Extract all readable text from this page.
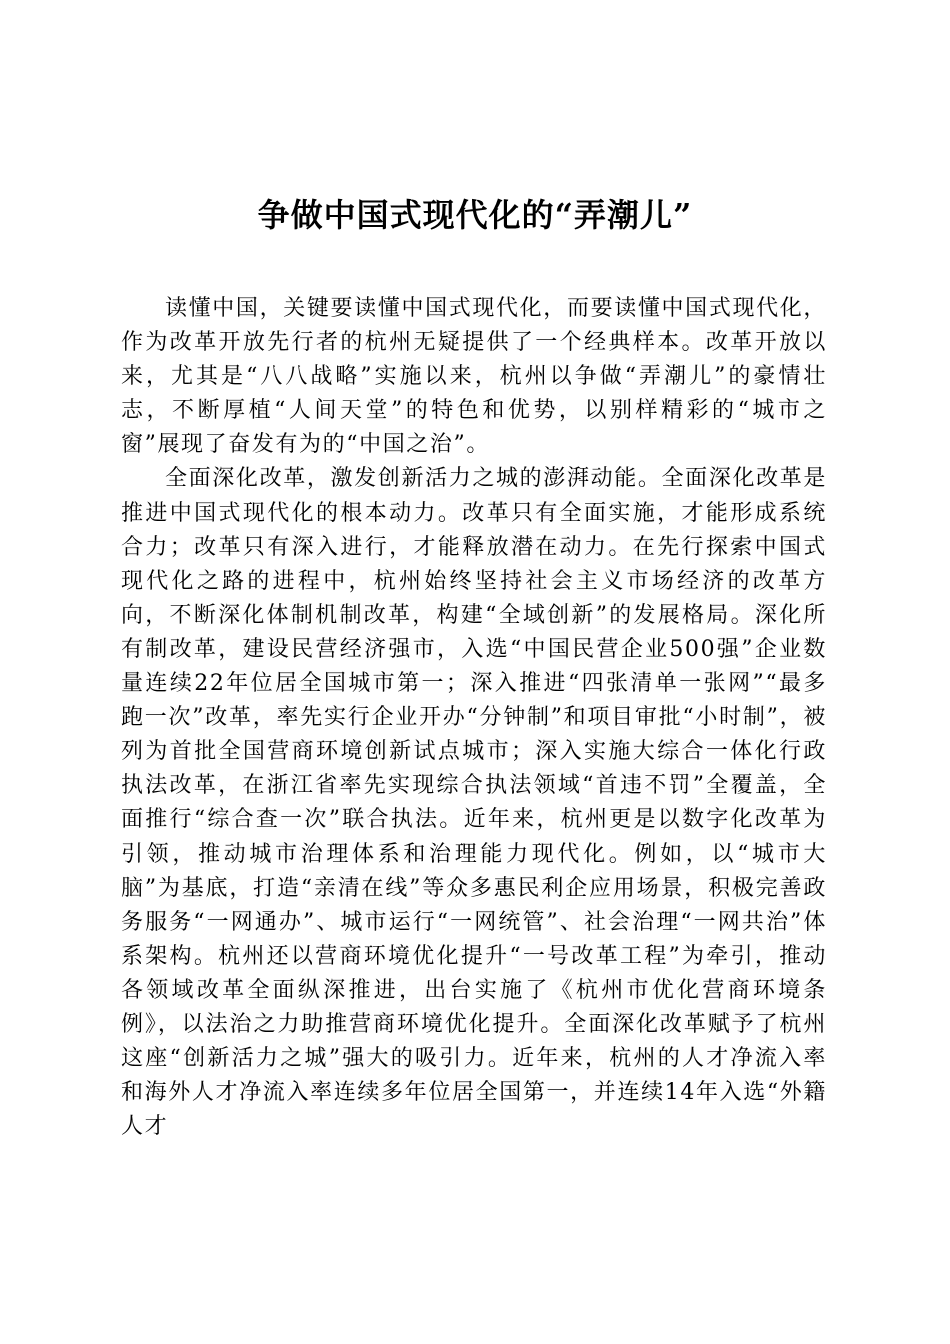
争做中国式现代化的“弄潮儿”

读懂中国，关键要读懂中国式现代化，而要读懂中国式现代化，作为改革开放先行者的杭州无疑提供了一个经典样本。改革开放以来，尤其是“八八战略”实施以来，杭州以争做“弄潮儿”的豪情壮志，不断厚植“人间天堂”的特色和优势，以别样精彩的“城市之窗”展现了奋发有为的“中国之治”。

全面深化改革，激发创新活力之城的澎湃动能。全面深化改革是推进中国式现代化的根本动力。改革只有全面实施，才能形成系统合力；改革只有深入进行，才能释放潜在动力。在先行探索中国式现代化之路的进程中，杭州始终坚持社会主义市场经济的改革方向，不断深化体制机制改革，构建“全域创新”的发展格局。深化所有制改革，建设民营经济强市，入选“中国民营企业500强”企业数量连续22年位居全国城市第一；深入推进“四张清单一张网”“最多跑一次”改革，率先实行企业开办“分钟制”和项目审批“小时制”，被列为首批全国营商环境创新试点城市；深入实施大综合一体化行政执法改革，在浙江省率先实现综合执法领域“首违不罚”全覆盖，全面推行“综合查一次”联合执法。近年来，杭州更是以数字化改革为引领，推动城市治理体系和治理能力现代化。例如，以“城市大脑”为基底，打造“亲清在线”等众多惠民利企应用场景，积极完善政务服务“一网通办”、城市运行“一网统管”、社会治理“一网共治”体系架构。杭州还以营商环境优化提升“一号改革工程”为牵引，推动各领域改革全面纵深推进，出台实施了《杭州市优化营商环境条例》，以法治之力助推营商环境优化提升。全面深化改革赋予了杭州这座“创新活力之城”强大的吸引力。近年来，杭州的人才净流入率和海外人才净流入率连续多年位居全国第一，并连续14年入选“外籍人才
